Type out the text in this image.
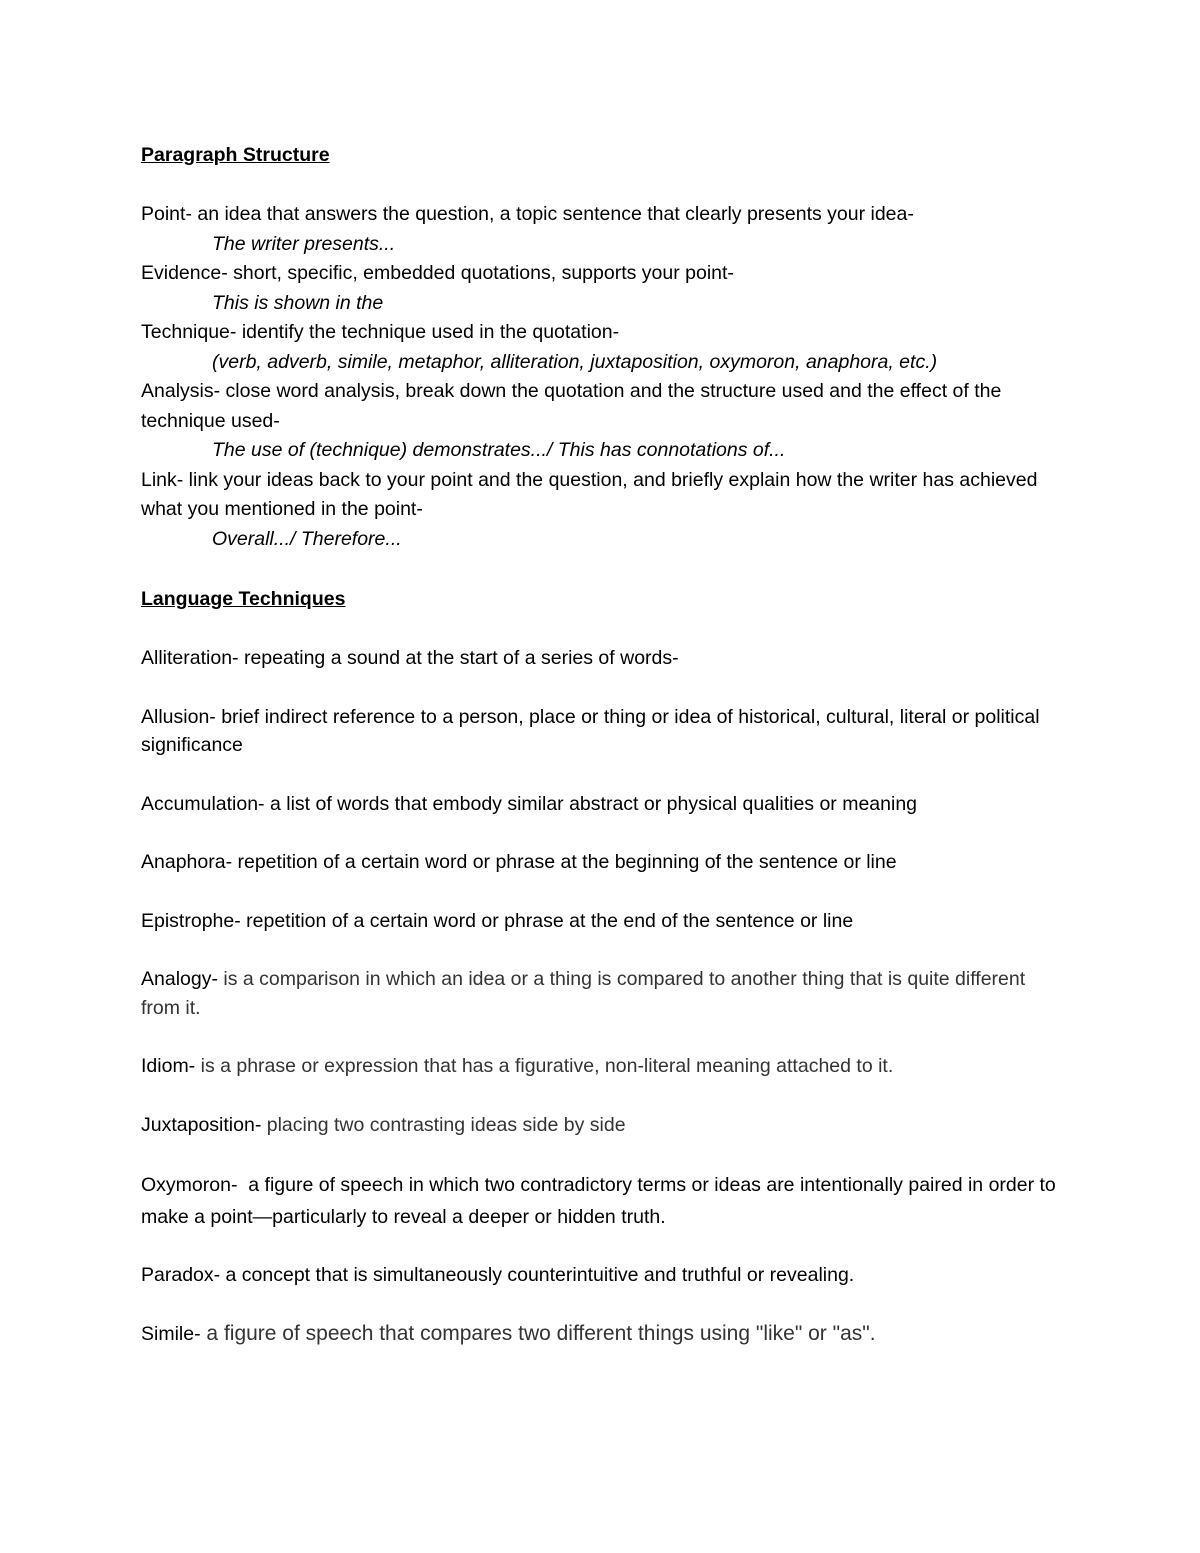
Paragraph Structure

Point- an idea that answers the question, a topic sentence that clearly presents your idea-

The writer presents...

Evidence- short, specific, embedded quotations, supports your point-

This is shown in the

Technique- identify the technique used in the quotation-

(verb, adverb, simile, metaphor, alliteration, juxtaposition, oxymoron, anaphora, etc.)

Analysis- close word analysis, break down the quotation and the structure used and the effect of the technique used-

The use of (technique) demonstrates.../ This has connotations of...

Link- link your ideas back to your point and the question, and briefly explain how the writer has achieved what you mentioned in the point-

Overall.../ Therefore...

Language Techniques

Alliteration- repeating a sound at the start of a series of words-

Allusion- brief indirect reference to a person, place or thing or idea of historical, cultural, literal or political significance

Accumulation- a list of words that embody similar abstract or physical qualities or meaning

Anaphora- repetition of a certain word or phrase at the beginning of the sentence or line

Epistrophe- repetition of a certain word or phrase at the end of the sentence or line

Analogy- is a comparison in which an idea or a thing is compared to another thing that is quite different from it.

Idiom- is a phrase or expression that has a figurative, non-literal meaning attached to it.

Juxtaposition- placing two contrasting ideas side by side

Oxymoron-  a figure of speech in which two contradictory terms or ideas are intentionally paired in order to make a point—particularly to reveal a deeper or hidden truth.

Paradox- a concept that is simultaneously counterintuitive and truthful or revealing.

Simile- a figure of speech that compares two different things using "like" or "as".
